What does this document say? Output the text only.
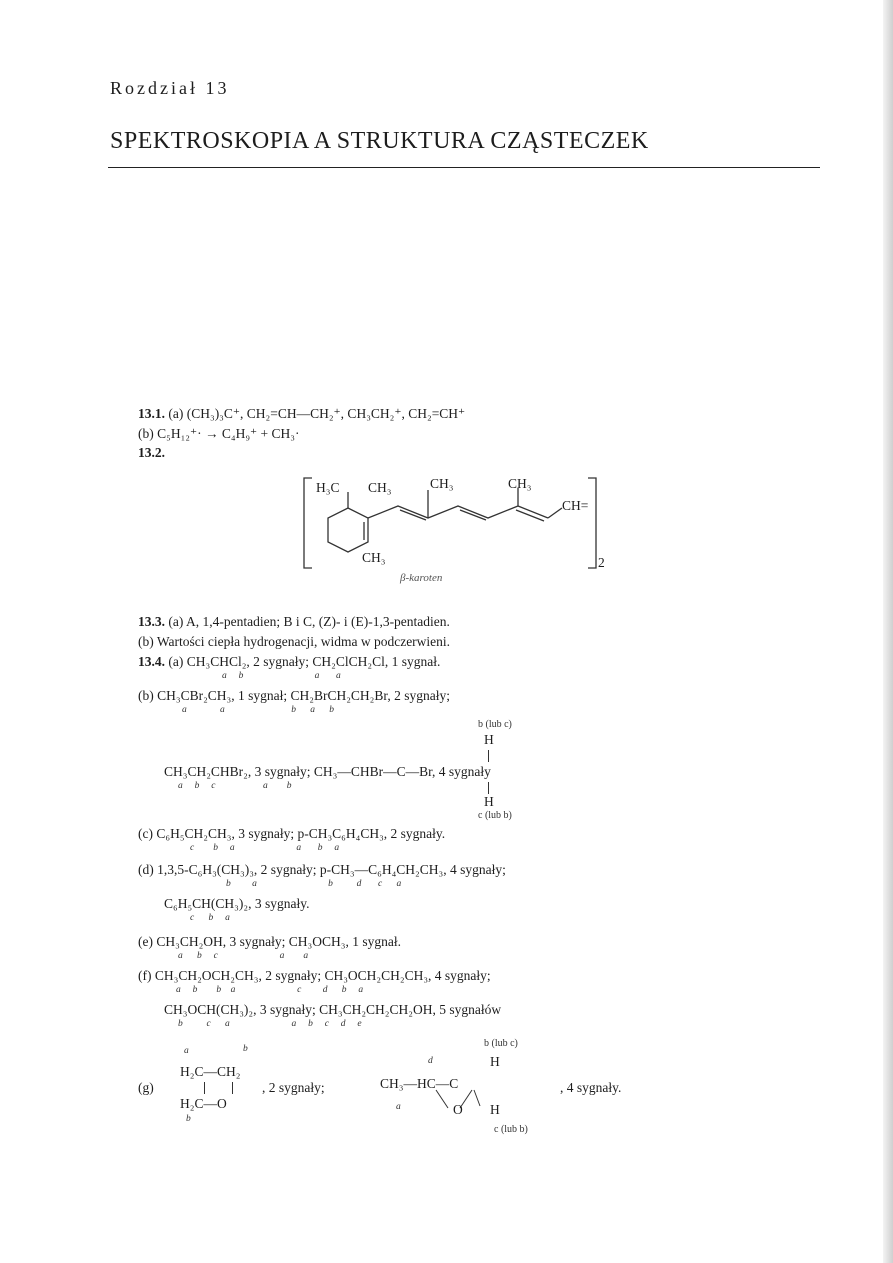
Rozdział 13
SPEKTROSKOPIA A STRUKTURA CZĄSTECZEK
13.1. (a) (CH₃)₃C⁺, CH₂=CH—CH₂⁺, CH₃CH₂⁺, CH₂=CH⁺
(b) C₅H₁₂⁺· → C₄H₉⁺ + CH₃·
13.2.
H₃C CH₃	CH₃	CH₃
CH=
CH₃	2
β-karoten
13.3. (a) A, 1,4-pentadien; B i C, (Z)- i (E)-1,3-pentadien.
(b) Wartości ciepła hydrogenacji, widma w podczerwieni.
13.4. (a) CH₃CHCl₂, 2 sygnały; CH₂ClCH₂Cl, 1 sygnał.
a     b                              a       a
(b) CH₃CBr₂CH₃, 1 sygnał; CH₂BrCH₂CH₂Br, 2 sygnały;
a              a                            b      a      b
b (lub c)
H
CH₃CH₂CHBr₂, 3 sygnały; CH₃—CHBr—C—Br, 4 sygnały
a     b     c                    a        b
H
c (lub b)
(c) C₆H₅CH₂CH₃, 3 sygnały; p-CH₃C₆H₄CH₃, 2 sygnały.
c        b     a                          a       b     a
(d) 1,3,5-C₆H₃(CH₃)₃, 2 sygnały; p-CH₃—C₆H₄CH₂CH₃, 4 sygnały;
b         a                              b          d       c      a
C₆H₅CH(CH₃)₂, 3 sygnały.
c      b     a
(e) CH₃CH₂OH, 3 sygnały; CH₃OCH₃, 1 sygnał.
a      b     c                          a        a
(f) CH₃CH₂OCH₂CH₃, 2 sygnały; CH₃OCH₂CH₂CH₃, 4 sygnały;
a     b        b    a                          c         d      b     a
CH₃OCH(CH₃)₂, 3 sygnały; CH₃CH₂CH₂CH₂OH, 5 sygnałów
b          c      a                          a     b     c     d     e
a	b
H₂C—CH₂
(g)
H₂C—O
b
, 2 sygnały;
b (lub c)
d	H
CH₃—HC—C	, 4 sygnały.
a	O H
c (lub b)
